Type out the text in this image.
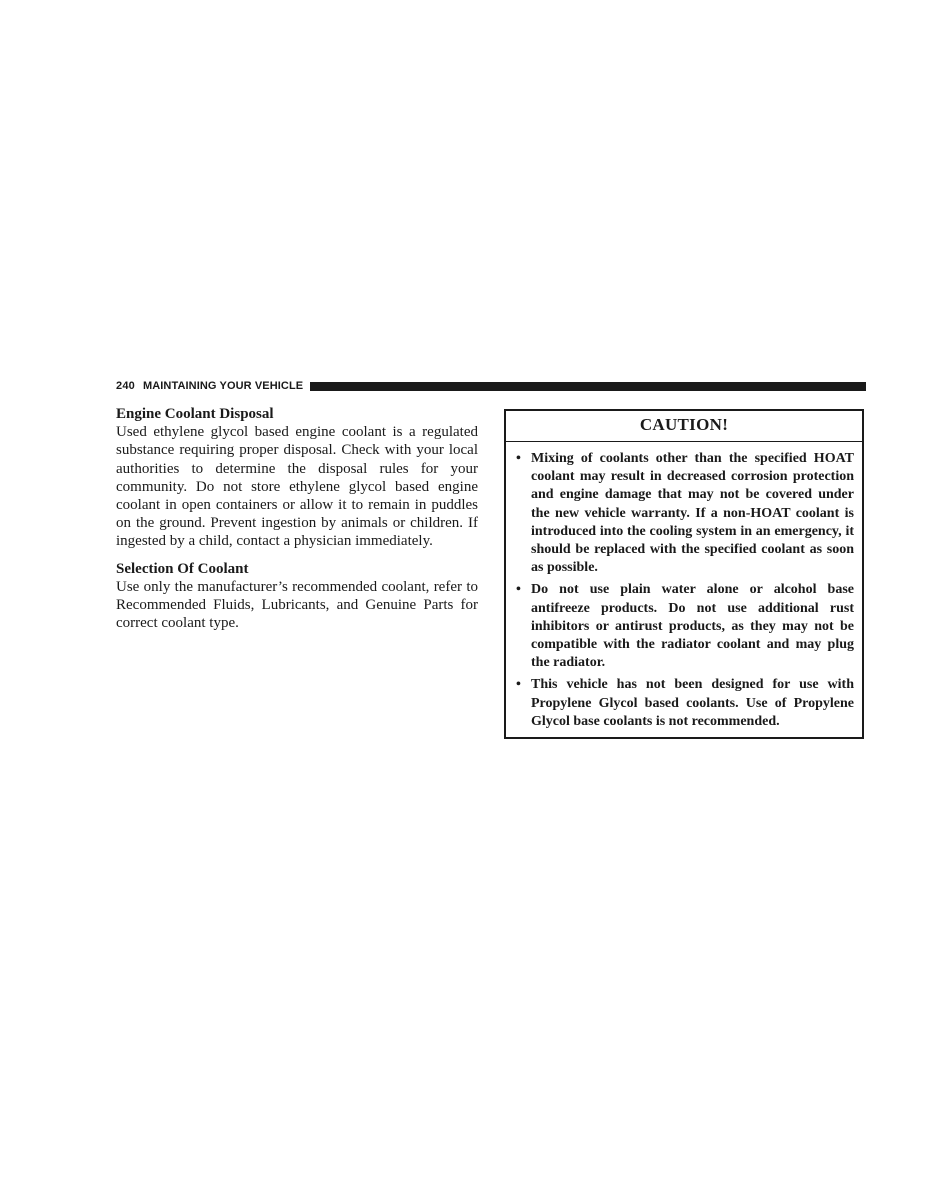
240 MAINTAINING YOUR VEHICLE
Engine Coolant Disposal

Used ethylene glycol based engine coolant is a regulated substance requiring proper disposal. Check with your local authorities to determine the disposal rules for your community. Do not store ethylene glycol based engine coolant in open containers or allow it to remain in puddles on the ground. Prevent ingestion by animals or children. If ingested by a child, contact a physician immediately.

Selection Of Coolant

Use only the manufacturer’s recommended coolant, refer to Recommended Fluids, Lubricants, and Genuine Parts for correct coolant type.

CAUTION!
• Mixing of coolants other than the specified HOAT coolant may result in decreased corrosion protection and engine damage that may not be covered under the new vehicle warranty. If a non-HOAT coolant is introduced into the cooling system in an emergency, it should be replaced with the specified coolant as soon as possible.
• Do not use plain water alone or alcohol base antifreeze products. Do not use additional rust inhibitors or antirust products, as they may not be compatible with the radiator coolant and may plug the radiator.
• This vehicle has not been designed for use with Propylene Glycol based coolants. Use of Propylene Glycol base coolants is not recommended.
